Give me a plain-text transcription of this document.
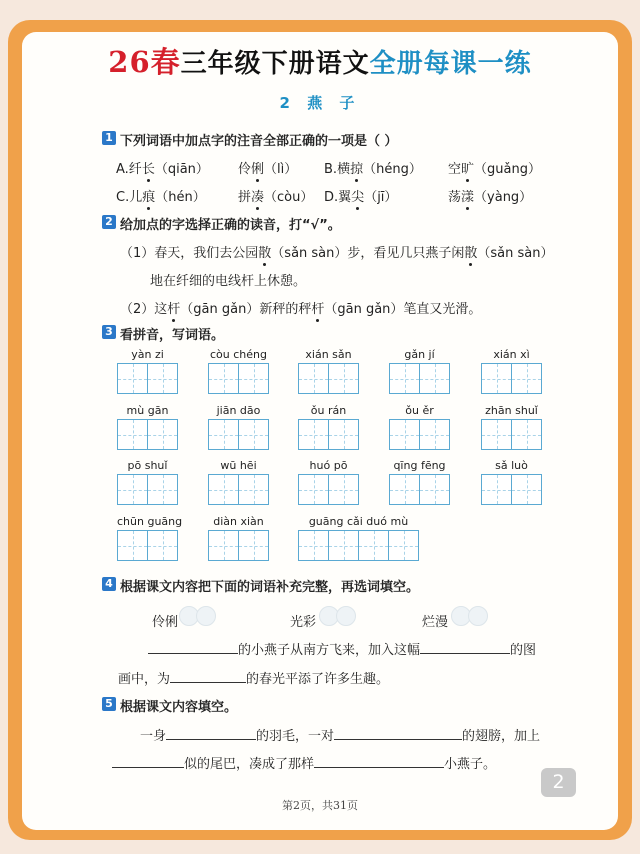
26春三年级下册语文全册每课一练
2 燕 子
1 下列词语中加点字的注音全部正确的一项是（ ）
A.纤长（qiān） 伶俐（lì） B.横掠（héng） 空旷（guǎng）
C.儿痕（hén） 拼凑（còu） D.翼尖（jī）	荡漾（yàng）
2 给加点的字选择正确的读音，打“√”。
（1）春天，我们去公园散（sǎn sàn）步，看见几只燕子闲散（sǎn sàn）
地在纤细的电线杆上休憩。
（2）这杆（gān gǎn）新秤的秤杆（gān gǎn）笔直又光滑。
3 看拼音，写词语。
yàn zi	còu chéng	xián sǎn	gǎn jí	xián xì
mù gān	jiān dāo	ǒu rán	ǒu ěr	zhān shuǐ
pō shuǐ	wū hēi	huó pō	qīng fēng	sǎ luò
chūn guāng	diàn xiàn	guāng cǎi duó mù
4 根据课文内容把下面的词语补充完整，再选词填空。
伶俐	光彩	烂漫
的小燕子从南方飞来，加入这幅	的图
画中，为	的春光平添了许多生趣。
5 根据课文内容填空。
一身	的羽毛，一对	的翅膀，加上
似的尾巴，凑成了那样	小燕子。
2
第2页，共31页
